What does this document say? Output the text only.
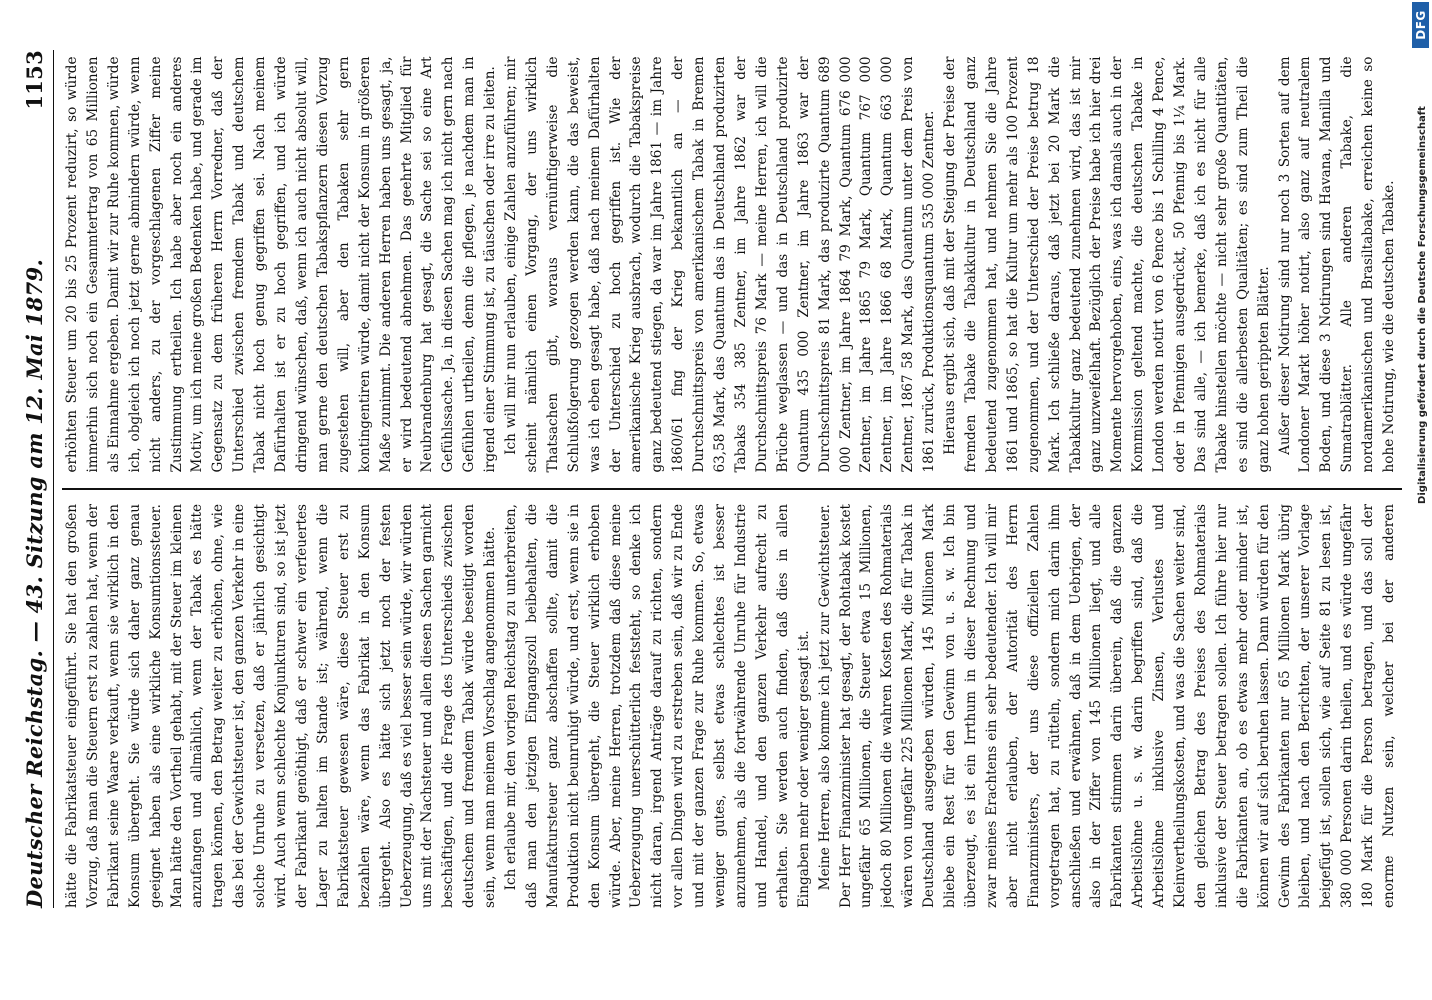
Deutscher Reichstag. — 43. Sitzung am 12. Mai 1879.
1153

hätte die Fabrikatsteuer eingeführt. Sie hat den großen Vorzug, daß man die Steuern erst zu zahlen hat, wenn der Fabrikant seine Waare verkauft, wenn sie wirklich in den Konsum übergeht. Sie würde sich daher ganz genau geeignet haben als eine wirkliche Konsumtionssteuer. Man hätte den Vortheil gehabt, mit der Steuer im kleinen anzufangen und allmählich, wenn der Tabak es hätte tragen können, den Betrag weiter zu erhöhen, ohne, wie das bei der Gewichtsteuer ist, den ganzen Verkehr in eine solche Unruhe zu versetzen, daß er jährlich gesichtigt wird. Auch wenn schlechte Konjunkturen sind, so ist jetzt der Fabrikant genöthigt, daß er schwer ein verfeuertes Lager zu halten im Stande ist; während, wenn die Fabrikatsteuer gewesen wäre, diese Steuer erst zu bezahlen wäre, wenn das Fabrikat in den Konsum übergeht. Also es hätte sich jetzt noch der festen Ueberzeugung, daß es viel besser sein würde, wir würden uns mit der Nachsteuer und allen diesen Sachen garnicht beschäftigen, und die Frage des Unterschieds zwischen deutschem und fremdem Tabak würde beseitigt worden sein, wenn man meinem Vorschlag angenommen hätte. Ich erlaube mir, den vorigen Reichstag zu unterbreiten, daß man den jetzigen Eingangszoll beibehalten, die Manufaktursteuer ganz abschaffen sollte, damit die Produktion nicht beunruhigt würde, und erst, wenn sie in den Konsum übergeht, die Steuer wirklich erhoben würde. Aber, meine Herren, trotzdem daß diese meine Ueberzeugung unerschütterlich feststeht, so denke ich nicht daran, irgend Anträge darauf zu richten, sondern vor allen Dingen wird zu erstreben sein, daß wir zu Ende und mit der ganzen Frage zur Ruhe kommen. So, etwas weniger gutes, selbst etwas schlechtes ist besser anzunehmen, als die fortwährende Unruhe für Industrie und Handel, und den ganzen Verkehr aufrecht zu erhalten. Sie werden auch finden, daß dies in allen Eingaben mehr oder weniger gesagt ist. Meine Herren, also komme ich jetzt zur Gewichtsteuer. Der Herr Finanzminister hat gesagt, der Rohtabak kostet ungefähr 65 Millionen, die Steuer etwa 15 Millionen, jedoch 80 Millionen die wahren Kosten des Rohmaterials wären von ungefähr 225 Millionen Mark, die für Tabak in Deutschland ausgegeben würden, 145 Millionen Mark bliebe ein Rest für den Gewinn von u. s. w. Ich bin überzeugt, es ist ein Irrthum in dieser Rechnung und zwar meines Erachtens ein sehr bedeutender. Ich will mir aber nicht erlauben, der Autorität des Herrn Finanzministers, der uns diese offiziellen Zahlen vorgetragen hat, zu rütteln, sondern mich darin ihm anschließen und erwähnen, daß in dem Uebrigen, der also in der Ziffer von 145 Millionen liegt, und alle Fabrikanten stimmen darin überein, daß die ganzen Arbeitslöhne u. s. w. darin begriffen sind, daß die Arbeitslöhne inklusive Zinsen, Verlustes und Kleinvertheilungskosten, und was die Sachen weiter sind, den gleichen Betrag des Preises des Rohmaterials inklusive der Steuer betragen sollen. Ich führe hier nur die Fabrikanten an, ob es etwas mehr oder minder ist, können wir auf sich beruhen lassen. Dann würden für den Gewinn des Fabrikanten nur 65 Millionen Mark übrig bleiben, und nach den Berichten, der unserer Vorlage beigefügt ist, sollen sich, wie auf Seite 81 zu lesen ist, 380 000 Personen darin theilen, und es würde ungefähr 180 Mark für die Person betragen, und das soll der enorme Nutzen sein, welcher bei der anderen

erhöhten Steuer um 20 bis 25 Prozent reduzirt, so würde immerhin sich noch ein Gesammtertrag von 65 Millionen als Einnahme ergeben. Damit wir zur Ruhe kommen, würde ich, obgleich ich noch jetzt gerne abmindern würde, wenn nicht anders, zu der vorgeschlagenen Ziffer meine Zustimmung ertheilen. Ich habe aber noch ein anderes Motiv, um ich meine großen Bedenken habe, und gerade im Gegensatz zu dem früheren Herrn Vorredner, daß der Unterschied zwischen fremdem Tabak und deutschem Tabak nicht hoch genug gegriffen sei. Nach meinem Dafürhalten ist er zu hoch gegriffen, und ich würde dringend wünschen, daß, wenn ich auch nicht absolut will, man gerne den deutschen Tabakspflanzern diesen Vorzug zugestehen will, aber den Tabaken sehr gern kontingentiren würde, damit nicht der Konsum in größeren Maße zunimmt. Die anderen Herren haben uns gesagt, ja, er wird bedeutend abnehmen. Das geehrte Mitglied für Neubrandenburg hat gesagt, die Sache sei so eine Art Gefühlssache. Ja, in diesen Sachen mag ich nicht gern nach Gefühlen urtheilen, denn die pflegen, je nachdem man in irgend einer Stimmung ist, zu täuschen oder irre zu leiten. Ich will mir nun erlauben, einige Zahlen anzuführen; mir scheint nämlich einen Vorgang, der uns wirklich Thatsachen gibt, woraus vernünftigerweise die Schlußfolgerung gezogen werden kann, die das beweist, was ich eben gesagt habe, daß nach meinem Dafürhalten der Unterschied zu hoch gegriffen ist. Wie der amerikanische Krieg ausbrach, wodurch die Tabakspreise ganz bedeutend stiegen, da war im Jahre 1861 — im Jahre 1860/61 fing der Krieg bekanntlich an — der Durchschnittspreis von amerikanischem Tabak in Bremen 63,58 Mark, das Quantum das in Deutschland produzirten Tabaks 354 385 Zentner, im Jahre 1862 war der Durchschnittspreis 76 Mark — meine Herren, ich will die Brüche weglassen — und das in Deutschland produzirte Quantum 435 000 Zentner, im Jahre 1863 war der Durchschnittspreis 81 Mark, das produzirte Quantum 689 000 Zentner, im Jahre 1864 79 Mark, Quantum 676 000 Zentner, im Jahre 1865 79 Mark, Quantum 767 000 Zentner, im Jahre 1866 68 Mark, Quantum 663 000 Zentner, 1867 58 Mark, das Quantum unter dem Preis von 1861 zurück, Produktionsquantum 535 000 Zentner. Hieraus ergibt sich, daß mit der Steigung der Preise der fremden Tabake die Tabakkultur in Deutschland ganz bedeutend zugenommen hat, und nehmen Sie die Jahre 1861 und 1865, so hat die Kultur um mehr als 100 Prozent zugenommen, und der Unterschied der Preise betrug 18 Mark. Ich schließe daraus, daß jetzt bei 20 Mark die Tabakkultur ganz bedeutend zunehmen wird, das ist mir ganz unzweifelhaft. Bezüglich der Preise habe ich hier drei Momente hervorgehoben, eins, was ich damals auch in der Kommission geltend machte, die deutschen Tabake in London werden notirt von 6 Pence bis 1 Schilling 4 Pence, oder in Pfennigen ausgedrückt, 50 Pfennig bis 1¼ Mark. Das sind alle, — ich bemerke, daß ich es nicht für alle Tabake hinstellen möchte — nicht sehr große Quantitäten, es sind die allerbesten Qualitäten; es sind zum Theil die ganz hohen gerippten Blätter. Außer dieser Notirung sind nur noch 3 Sorten auf dem Londoner Markt höher notirt, also ganz auf neutralem Boden, und diese 3 Notirungen sind Havana, Manilla und Sumatrablätter. Alle anderen Tabake, die nordamerikanischen und Brasiltabake, erreichen keine so hohe Notirung, wie die deutschen Tabake.

DFG
Digitalisierung gefördert durch die Deutsche Forschungsgemeinschaft
